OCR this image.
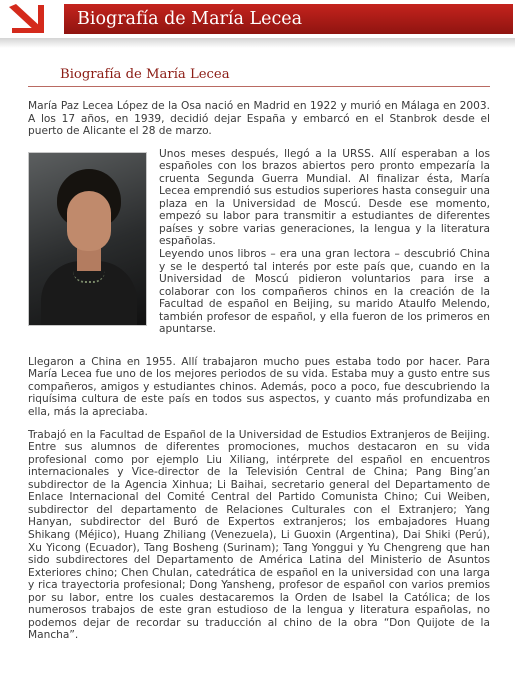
Biografía de María Lecea
Biografía de María Lecea

María Paz Lecea López de la Osa nació en Madrid en 1922 y murió en Málaga en 2003. A los 17 años, en 1939, decidió dejar España y embarcó en el Stanbrok desde el puerto de Alicante el 28 de marzo.

Unos meses después, llegó a la URSS. Allí esperaban a los españoles con los brazos abiertos pero pronto empezaría la cruenta Segunda Guerra Mundial. Al finalizar ésta, María Lecea emprendió sus estudios superiores hasta conseguir una plaza en la Universidad de Moscú. Desde ese momento, empezó su labor para transmitir a estudiantes de diferentes países y sobre varias generaciones, la lengua y la literatura españolas.

Leyendo unos libros – era una gran lectora – descubrió China y se le despertó tal interés por este país que, cuando en la Universidad de Moscú pidieron voluntarios para irse a colaborar con los compañeros chinos en la creación de la Facultad de español en Beijing, su marido Ataulfo Melendo, también profesor de español, y ella fueron de los primeros en apuntarse.

Llegaron a China en 1955. Allí trabajaron mucho pues estaba todo por hacer. Para María Lecea fue uno de los mejores periodos de su vida. Estaba muy a gusto entre sus compañeros, amigos y estudiantes chinos. Además, poco a poco, fue descubriendo la riquísima cultura de este país en todos sus aspectos, y cuanto más profundizaba en ella, más la apreciaba.

Trabajó en la Facultad de Español de la Universidad de Estudios Extranjeros de Beijing. Entre sus alumnos de diferentes promociones, muchos destacaron en su vida profesional como por ejemplo Liu Xiliang, intérprete del español en encuentros internacionales y Vice-director de la Televisión Central de China; Pang Bing’an subdirector de la Agencia Xinhua; Li Baihai, secretario general del Departamento de Enlace Internacional del Comité Central del Partido Comunista Chino; Cui Weiben, subdirector del departamento de Relaciones Culturales con el Extranjero; Yang Hanyan, subdirector del Buró de Expertos extranjeros; los embajadores Huang Shikang (Méjico), Huang Zhiliang (Venezuela), Li Guoxin (Argentina), Dai Shiki (Perú), Xu Yicong (Ecuador), Tang Bosheng (Surinam); Tang Yonggui y Yu Chengreng que han sido subdirectores del Departamento de América Latina del Ministerio de Asuntos Exteriores chino; Chen Chulan, catedrática de español en la universidad con una larga y rica trayectoria profesional; Dong Yansheng, profesor de español con varios premios por su labor, entre los cuales destacaremos la Orden de Isabel la Católica; de los numerosos trabajos de este gran estudioso de la lengua y literatura españolas, no podemos dejar de recordar su traducción al chino de la obra “Don Quijote de la Mancha”.
